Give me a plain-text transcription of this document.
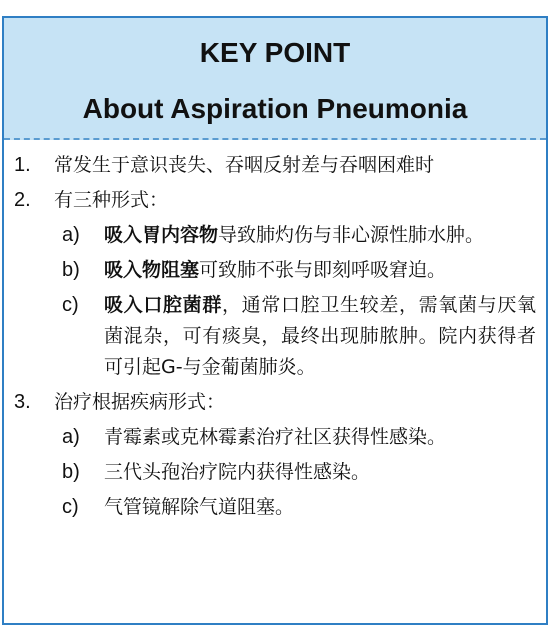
KEY POINT
About Aspiration Pneumonia
1.	常发生于意识丧失、吞咽反射差与吞咽困难时
2.	有三种形式：
a)	吸入胃内容物导致肺灼伤与非心源性肺水肿。
b)	吸入物阻塞可致肺不张与即刻呼吸窘迫。
c)	吸入口腔菌群，通常口腔卫生较差，需氧菌与厌氧菌混杂，可有痰臭，最终出现肺脓肿。院内获得者可引起G-与金葡菌肺炎。
3.	治疗根据疾病形式：
a)	青霉素或克林霉素治疗社区获得性感染。
b)	三代头孢治疗院内获得性感染。
c)	气管镜解除气道阻塞。
